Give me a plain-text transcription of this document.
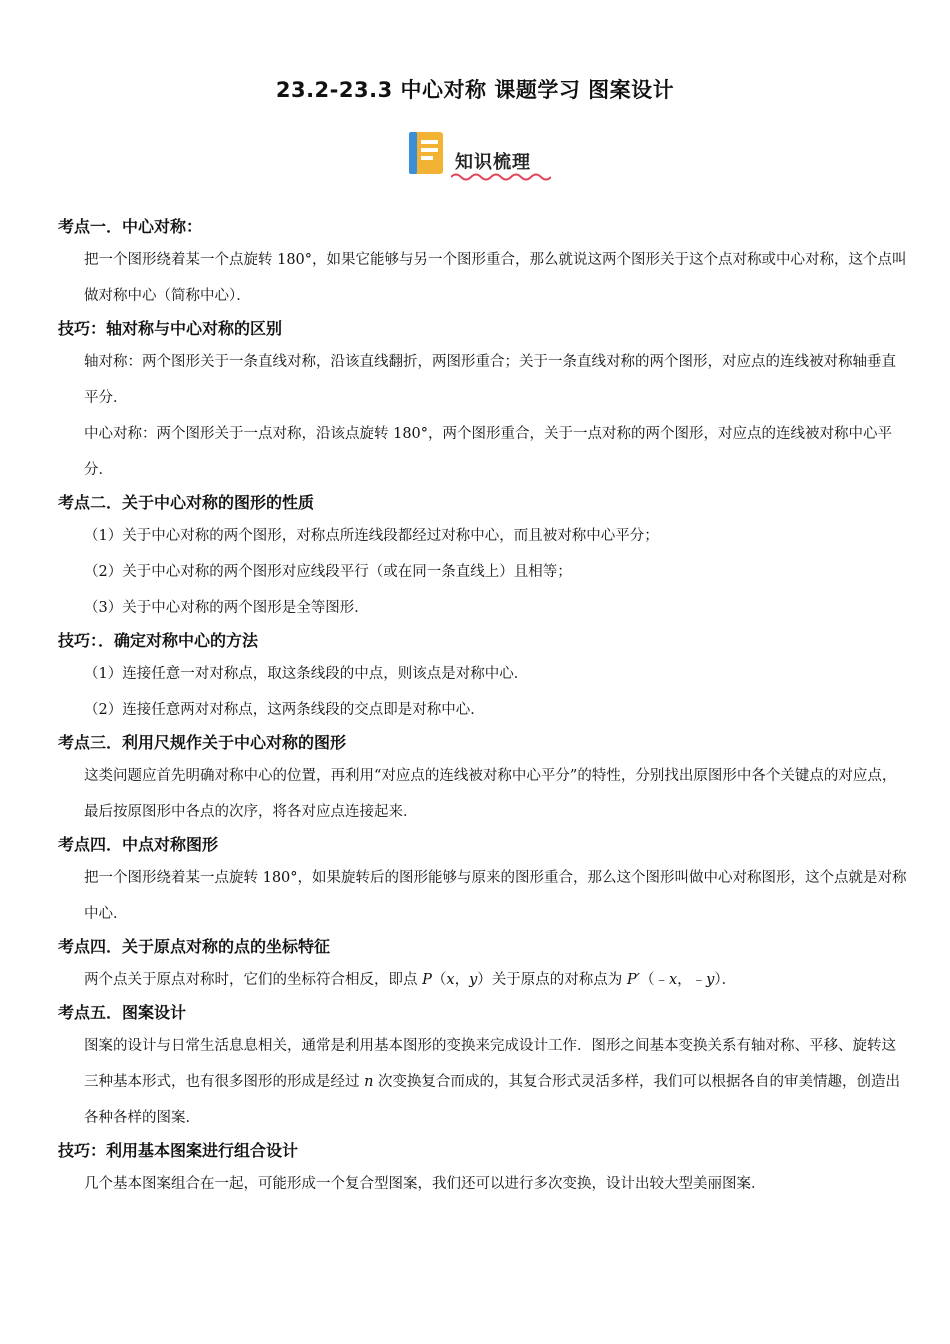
23.2-23.3 中心对称 课题学习 图案设计
知识梳理
考点一．中心对称：

把一个图形绕着某一个点旋转 180°，如果它能够与另一个图形重合，那么就说这两个图形关于这个点对称或中心对称，这个点叫做对称中心（简称中心）．

技巧：轴对称与中心对称的区别

轴对称：两个图形关于一条直线对称，沿该直线翻折，两图形重合；关于一条直线对称的两个图形，对应点的连线被对称轴垂直平分．

中心对称：两个图形关于一点对称，沿该点旋转 180°，两个图形重合，关于一点对称的两个图形，对应点的连线被对称中心平分．

考点二．关于中心对称的图形的性质

（1）关于中心对称的两个图形，对称点所连线段都经过对称中心，而且被对称中心平分；

（2）关于中心对称的两个图形对应线段平行（或在同一条直线上）且相等；

（3）关于中心对称的两个图形是全等图形．

技巧：．确定对称中心的方法

（1）连接任意一对对称点，取这条线段的中点，则该点是对称中心．

（2）连接任意两对对称点，这两条线段的交点即是对称中心．

考点三．利用尺规作关于中心对称的图形

这类问题应首先明确对称中心的位置，再利用“对应点的连线被对称中心平分”的特性，分别找出原图形中各个关键点的对应点，最后按原图形中各点的次序，将各对应点连接起来．

考点四．中点对称图形

把一个图形绕着某一点旋转 180°，如果旋转后的图形能够与原来的图形重合，那么这个图形叫做中心对称图形，这个点就是对称中心．

考点四．关于原点对称的点的坐标特征

两个点关于原点对称时，它们的坐标符合相反，即点 P（x，y）关于原点的对称点为 P′（﹣x，﹣y）．

考点五．图案设计

图案的设计与日常生活息息相关，通常是利用基本图形的变换来完成设计工作．图形之间基本变换关系有轴对称、平移、旋转这三种基本形式，也有很多图形的形成是经过 n 次变换复合而成的，其复合形式灵活多样，我们可以根据各自的审美情趣，创造出各种各样的图案．

技巧：利用基本图案进行组合设计

几个基本图案组合在一起，可能形成一个复合型图案，我们还可以进行多次变换，设计出较大型美丽图案．
